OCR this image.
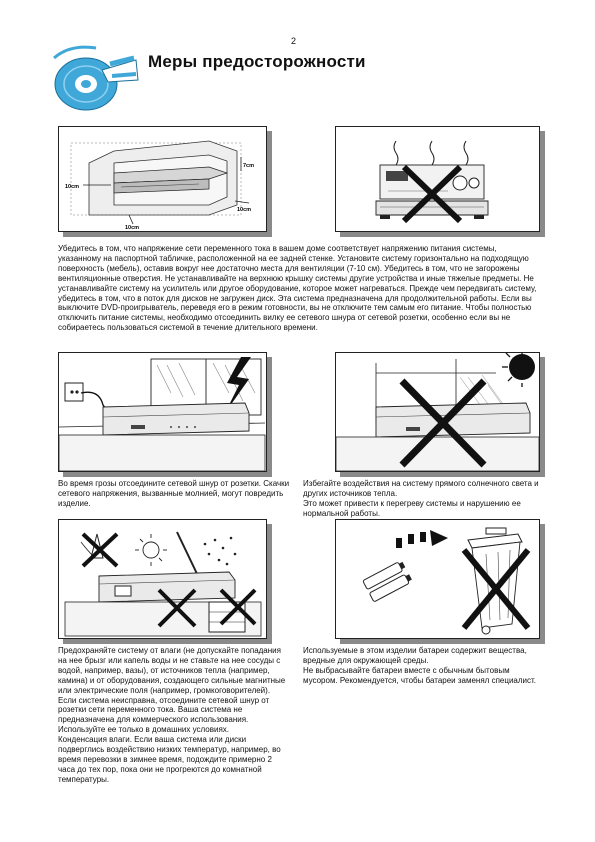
2
Меры предосторожности
10cm
7cm
10cm
10cm

Убедитесь в том, что напряжение сети переменного тока в вашем доме соответствует напряжению питания системы, указанному на паспортной табличке, расположенной на ее задней стенке. Установите систему горизонтально на подходящую поверхность (мебель), оставив вокруг нее достаточно места для вентиляции (7-10 см). Убедитесь в том, что не загорожены вентиляционные отверстия. Не устанавливайте на верхнюю крышку системы другие устройства и иные тяжелые предметы. Не устанавливайте систему на усилитель или другое оборудование, которое может нагреваться. Прежде чем передвигать систему, убедитесь в том, что в поток для дисков не загружен диск. Эта система предназначена для продолжительной работы. Если вы выключите DVD-проигрыватель, переведя его в режим готовности, вы не отключите тем самым его питание. Чтобы полностью отключить питание системы, необходимо отсоединить вилку ее сетевого шнура от сетевой розетки, особенно если вы не собираетесь пользоваться системой в течение длительного времени.

Во время грозы отсоедините сетевой шнур от розетки. Скачки сетевого напряжения, вызванные молнией, могут повредить изделие.

Избегайте воздействия на систему прямого солнечного света и других источников тепла.

Это может привести к перегреву системы и нарушению ее нормальной работы.

Предохраняйте систему от влаги (не допускайте попадания на нее брызг или капель воды и не ставьте на нее сосуды с водой, например, вазы), от источников тепла (например, камина) и от оборудования, создающего сильные магнитные или электрические поля (например, громкоговорителей). Если система неисправна, отсоедините сетевой шнур от розетки сети переменного тока. Ваша система не предназначена для коммерческого использования. Используйте ее только в домашних условиях.

Конденсация влаги. Если ваша система или диски подверглись воздействию низких температур, например, во время перевозки в зимнее время, подождите примерно 2 часа до тех пор, пока они не прогреются до комнатной температуры.

Используемые в этом изделии батареи содержит вещества, вредные для окружающей среды.

Не выбрасывайте батареи вместе с обычным бытовым мусором. Рекомендуется, чтобы батареи заменял специалист.
